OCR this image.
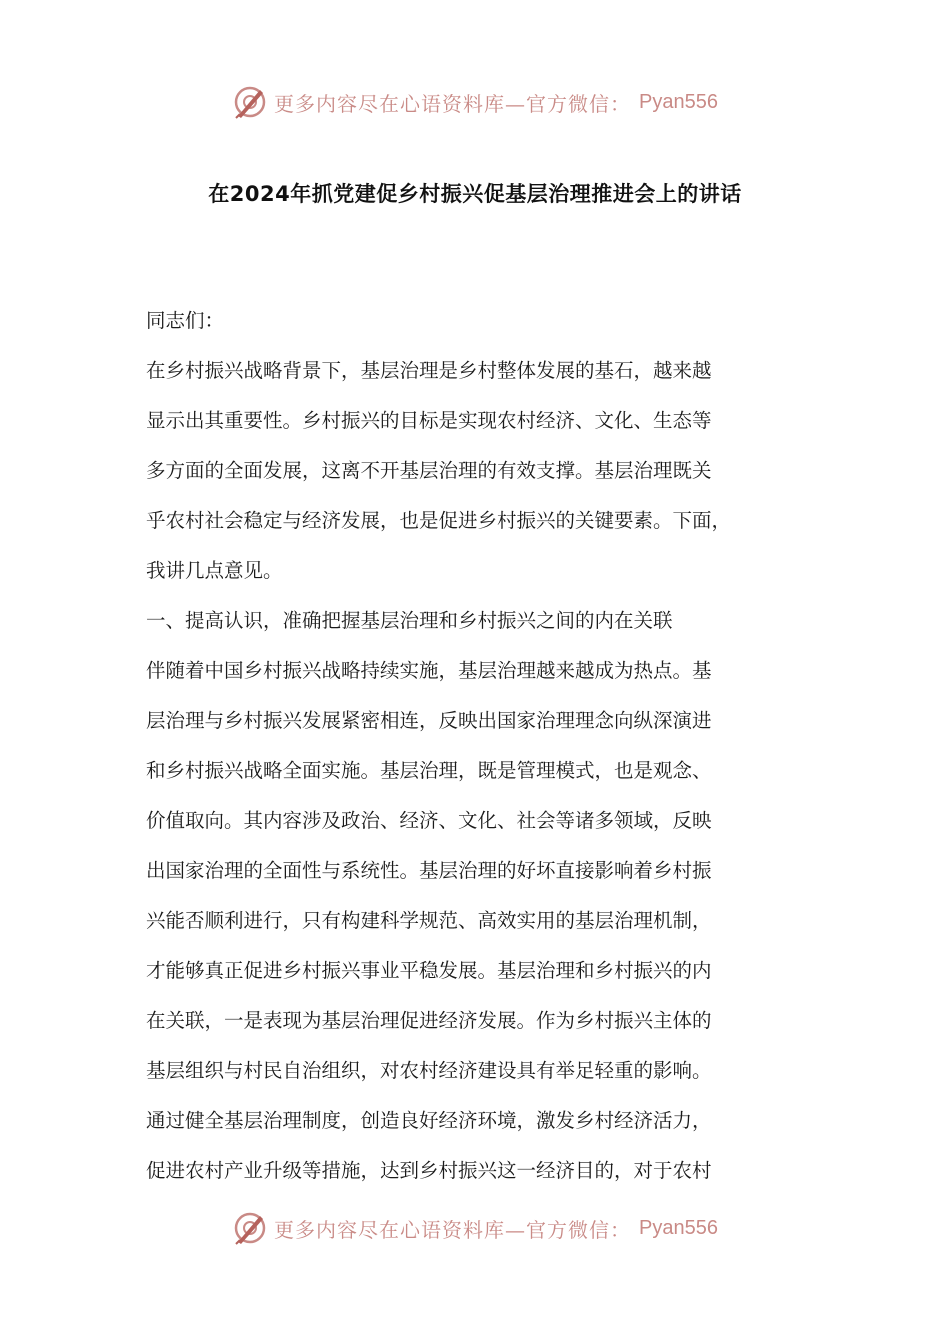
更多内容尽在心语资料库—官方微信： Pyan556
在2024年抓党建促乡村振兴促基层治理推进会上的讲话
同志们：
在乡村振兴战略背景下，基层治理是乡村整体发展的基石，越来越
显示出其重要性。乡村振兴的目标是实现农村经济、文化、生态等
多方面的全面发展，这离不开基层治理的有效支撑。基层治理既关
乎农村社会稳定与经济发展，也是促进乡村振兴的关键要素。下面，
我讲几点意见。
一、提高认识，准确把握基层治理和乡村振兴之间的内在关联
伴随着中国乡村振兴战略持续实施，基层治理越来越成为热点。基
层治理与乡村振兴发展紧密相连，反映出国家治理理念向纵深演进
和乡村振兴战略全面实施。基层治理，既是管理模式，也是观念、
价值取向。其内容涉及政治、经济、文化、社会等诸多领域，反映
出国家治理的全面性与系统性。基层治理的好坏直接影响着乡村振
兴能否顺利进行，只有构建科学规范、高效实用的基层治理机制，
才能够真正促进乡村振兴事业平稳发展。基层治理和乡村振兴的内
在关联，一是表现为基层治理促进经济发展。作为乡村振兴主体的
基层组织与村民自治组织，对农村经济建设具有举足轻重的影响。
通过健全基层治理制度，创造良好经济环境，激发乡村经济活力，
促进农村产业升级等措施，达到乡村振兴这一经济目的，对于农村
更多内容尽在心语资料库—官方微信： Pyan556
